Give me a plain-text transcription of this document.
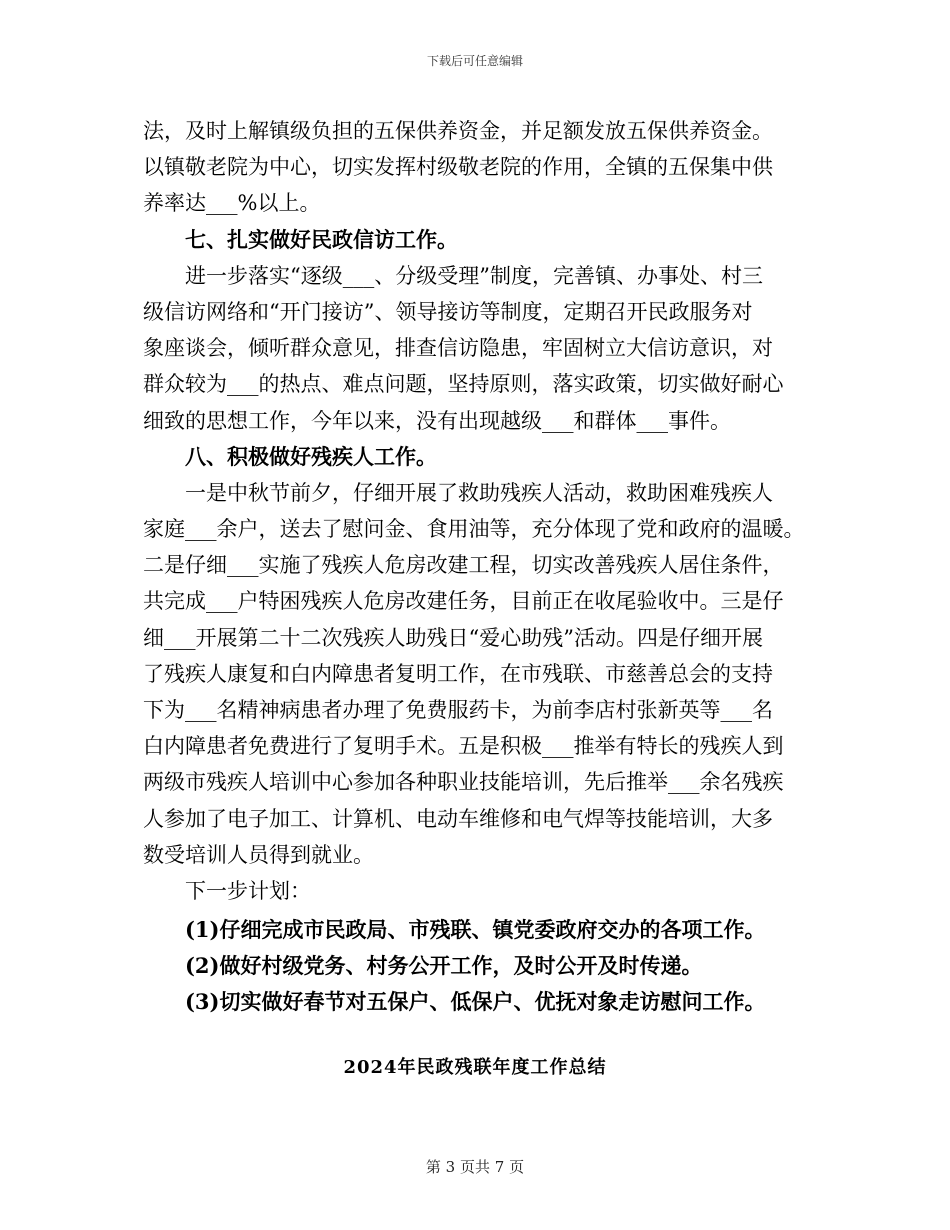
下载后可任意编辑
法，及时上解镇级负担的五保供养资金，并足额发放五保供养资金。
以镇敬老院为中心，切实发挥村级敬老院的作用，全镇的五保集中供
养率达___%以上。
七、扎实做好民政信访工作。
进一步落实“逐级___、分级受理”制度，完善镇、办事处、村三
级信访网络和“开门接访”、领导接访等制度，定期召开民政服务对
象座谈会，倾听群众意见，排查信访隐患，牢固树立大信访意识，对
群众较为___的热点、难点问题，坚持原则，落实政策，切实做好耐心
细致的思想工作，今年以来，没有出现越级___和群体___事件。
八、积极做好残疾人工作。
一是中秋节前夕，仔细开展了救助残疾人活动，救助困难残疾人
家庭___余户，送去了慰问金、食用油等，充分体现了党和政府的温暖。
二是仔细___实施了残疾人危房改建工程，切实改善残疾人居住条件，
共完成___户特困残疾人危房改建任务，目前正在收尾验收中。三是仔
细___开展第二十二次残疾人助残日“爱心助残”活动。四是仔细开展
了残疾人康复和白内障患者复明工作，在市残联、市慈善总会的支持
下为___名精神病患者办理了免费服药卡，为前李店村张新英等___名
白内障患者免费进行了复明手术。五是积极___推举有特长的残疾人到
两级市残疾人培训中心参加各种职业技能培训，先后推举___余名残疾
人参加了电子加工、计算机、电动车维修和电气焊等技能培训，大多
数受培训人员得到就业。
下一步计划：
(1)仔细完成市民政局、市残联、镇党委政府交办的各项工作。
(2)做好村级党务、村务公开工作，及时公开及时传递。
(3)切实做好春节对五保户、低保户、优抚对象走访慰问工作。
2024年民政残联年度工作总结
第 3 页共 7 页
